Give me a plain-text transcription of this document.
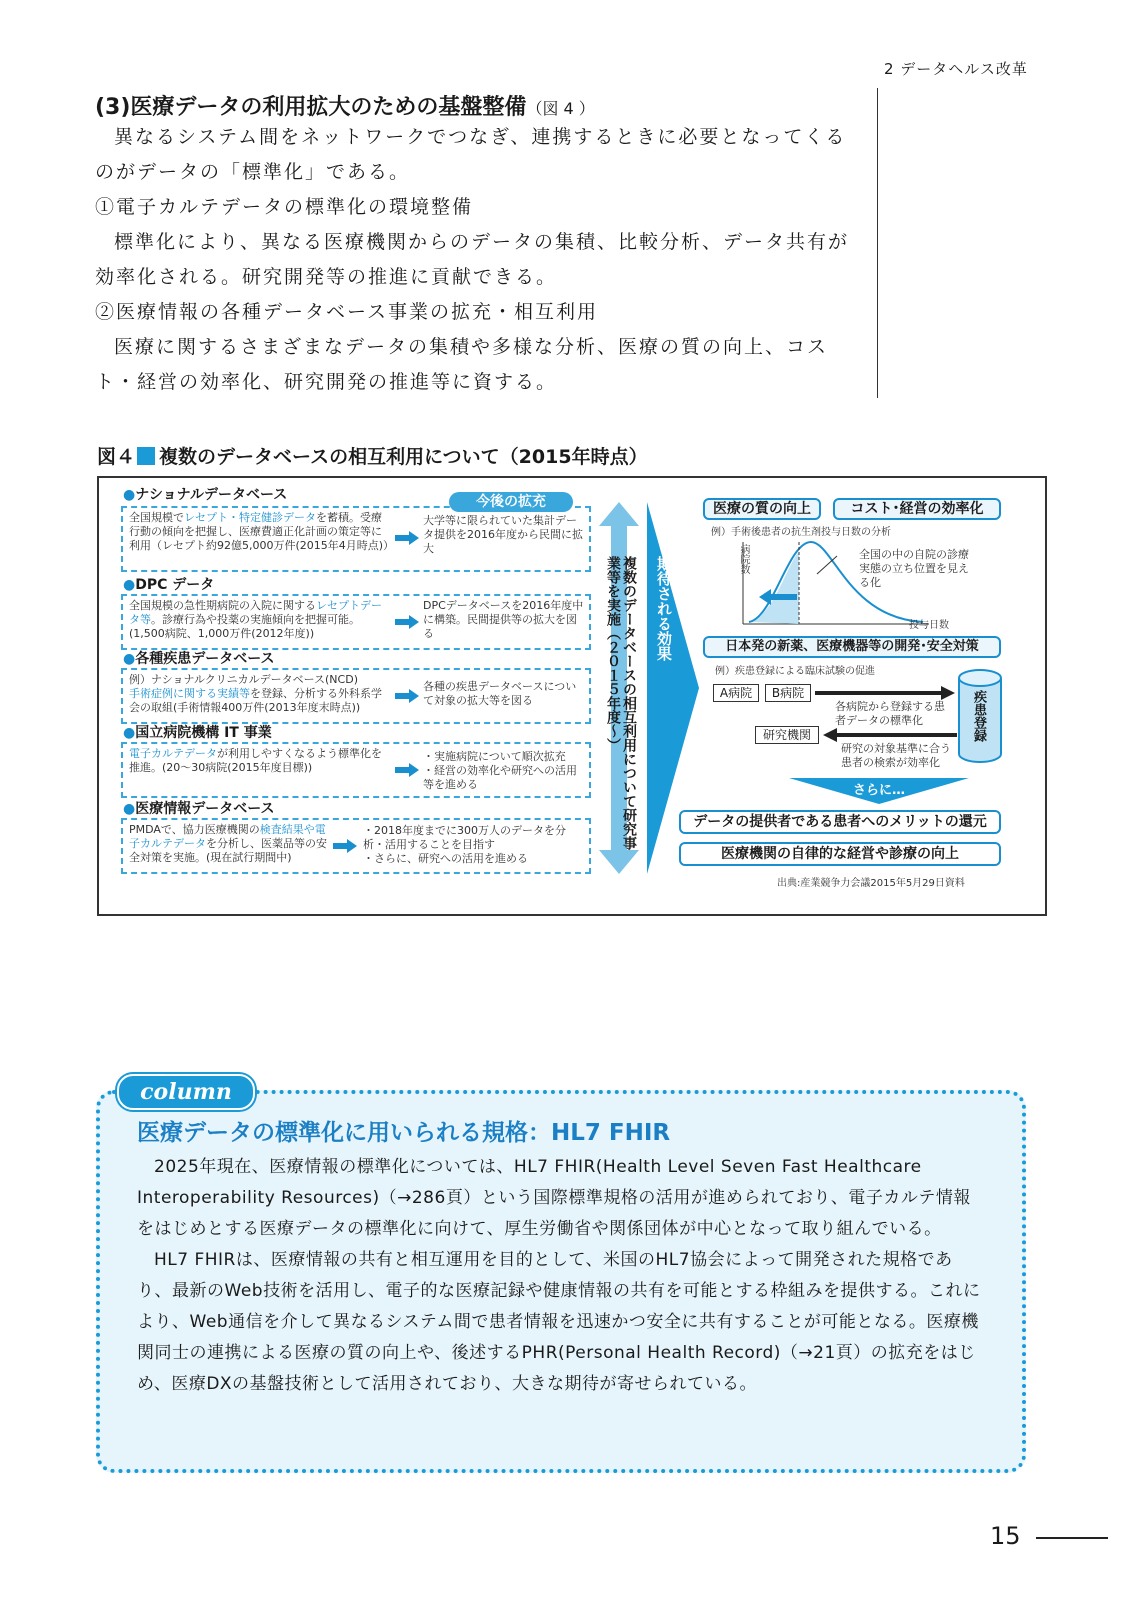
2 データヘルス改革
(3)医療データの利用拡大のための基盤整備（図 4 ）

異なるシステム間をネットワークでつなぎ、連携するときに必要となってくるのがデータの「標準化」である。

①電子カルテデータの標準化の環境整備

標準化により、異なる医療機関からのデータの集積、比較分析、データ共有が効率化される。研究開発等の推進に貢献できる。

②医療情報の各種データベース事業の拡充・相互利用

医療に関するさまざまなデータの集積や多様な分析、医療の質の向上、コスト・経営の効率化、研究開発の推進等に資する。

図４ 複数のデータベースの相互利用について（2015年時点）
今後の拡充
●ナショナルデータベース
全国規模でレセプト・特定健診データを蓄積。受療行動の傾向を把握し、医療費適正化計画の策定等に利用（レセプト約92億5,000万件(2015年4月時点)）
大学等に限られていた集計データ提供を2016年度から民間に拡大
●DPC データ
全国規模の急性期病院の入院に関するレセプトデータ等。診療行為や投薬の実施傾向を把握可能。(1,500病院、1,000万件(2012年度))
DPCデータベースを2016年度中に構築。民間提供等の拡大を図る
●各種疾患データベース
例）ナショナルクリニカルデータベース(NCD)
手術症例に関する実績等を登録、分析する外科系学会の取組(手術情報400万件(2013年度末時点))
各種の疾患データベースについて対象の拡大等を図る
●国立病院機構 IT 事業
電子カルテデータが利用しやすくなるよう標準化を推進。(20〜30病院(2015年度目標))
・実施病院について順次拡充
・経営の効率化や研究への活用等を進める
●医療情報データベース
PMDAで、協力医療機関の検査結果や電子カルテデータを分析し、医薬品等の安全対策を実施。(現在試行期間中)
・2018年度までに300万人のデータを分析・活用することを目指す
・さらに、研究への活用を進める
複数のデータベースの相互利用について研究事業等を実施（２０１５年度〜）	期待される効果
医療の質の向上	コスト･経営の効率化
例）手術後患者の抗生剤投与日数の分析
病院数
投与日数
全国の中の自院の診療実態の立ち位置を見える化
日本発の新薬、医療機器等の開発･安全対策
例）疾患登録による臨床試験の促進
A病院	B病院
各病院から登録する患者データの標準化
研究機関
研究の対象基準に合う患者の検索が効率化
疾患登録
さらに…
データの提供者である患者へのメリットの還元
医療機関の自律的な経営や診療の向上
出典:産業競争力会議2015年5月29日資料
column
医療データの標準化に用いられる規格：HL7 FHIR

2025年現在、医療情報の標準化については、HL7 FHIR(Health Level Seven Fast Healthcare Interoperability Resources)（→286頁）という国際標準規格の活用が進められており、電子カルテ情報をはじめとする医療データの標準化に向けて、厚生労働省や関係団体が中心となって取り組んでいる。

HL7 FHIRは、医療情報の共有と相互運用を目的として、米国のHL7協会によって開発された規格であり、最新のWeb技術を活用し、電子的な医療記録や健康情報の共有を可能とする枠組みを提供する。これにより、Web通信を介して異なるシステム間で患者情報を迅速かつ安全に共有することが可能となる。医療機関同士の連携による医療の質の向上や、後述するPHR(Personal Health Record)（→21頁）の拡充をはじめ、医療DXの基盤技術として活用されており、大きな期待が寄せられている。

15
